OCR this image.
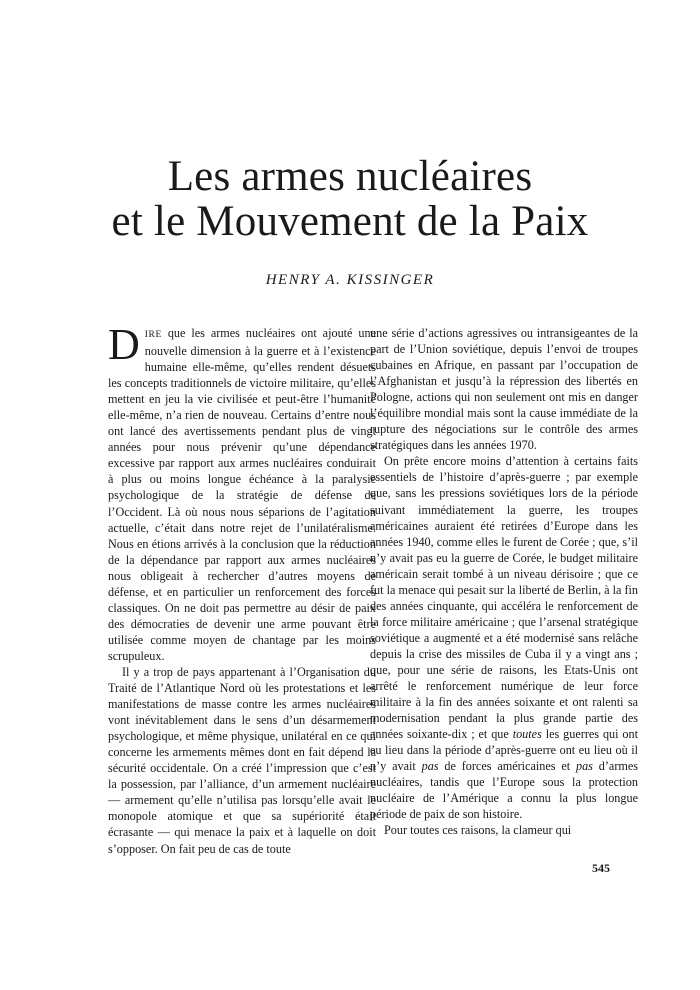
Les armes nucléaires
et le Mouvement de la Paix
HENRY A. KISSINGER

DIRE que les armes nucléaires ont ajouté une nouvelle dimension à la guerre et à l’existence humaine elle-même, qu’elles rendent désuets les concepts traditionnels de victoire militaire, qu’elles mettent en jeu la vie civilisée et peut-être l’humanité elle-même, n’a rien de nouveau. Certains d’entre nous ont lancé des avertissements pendant plus de vingt années pour nous prévenir qu’une dépendance excessive par rapport aux armes nucléaires conduirait à plus ou moins longue échéance à la paralysie psychologique de la stratégie de défense de l’Occident. Là où nous nous séparions de l’agitation actuelle, c’était dans notre rejet de l’unilatéralisme. Nous en étions arrivés à la conclusion que la réduction de la dépendance par rapport aux armes nucléaires nous obligeait à rechercher d’autres moyens de défense, et en particulier un renforcement des forces classiques. On ne doit pas permettre au désir de paix des démocraties de devenir une arme pouvant être utilisée comme moyen de chantage par les moins scrupuleux.

Il y a trop de pays appartenant à l’Organisation du Traité de l’Atlantique Nord où les protestations et les manifestations de masse contre les armes nucléaires vont inévitablement dans le sens d’un désarmement psychologique, et même physique, unilatéral en ce qui concerne les armements mêmes dont en fait dépend la sécurité occidentale. On a créé l’impression que c’est la possession, par l’alliance, d’un armement nucléaire — armement qu’elle n’utilisa pas lorsqu’elle avait le monopole atomique et que sa supériorité était écrasante — qui menace la paix et à laquelle on doit s’opposer. On fait peu de cas de toute

une série d’actions agressives ou intransigeantes de la part de l’Union soviétique, depuis l’envoi de troupes cubaines en Afrique, en passant par l’occupation de l’Afghanistan et jusqu’à la répression des libertés en Pologne, actions qui non seulement ont mis en danger l’équilibre mondial mais sont la cause immédiate de la rupture des négociations sur le contrôle des armes stratégiques dans les années 1970.

On prête encore moins d’attention à certains faits essentiels de l’histoire d’après-guerre ; par exemple que, sans les pressions soviétiques lors de la période suivant immédiatement la guerre, les troupes américaines auraient été retirées d’Europe dans les années 1940, comme elles le furent de Corée ; que, s’il n’y avait pas eu la guerre de Corée, le budget militaire américain serait tombé à un niveau dérisoire ; que ce fut la menace qui pesait sur la liberté de Berlin, à la fin des années cinquante, qui accéléra le renforcement de la force militaire américaine ; que l’arsenal stratégique soviétique a augmenté et a été modernisé sans relâche depuis la crise des missiles de Cuba il y a vingt ans ; que, pour une série de raisons, les Etats-Unis ont arrêté le renforcement numérique de leur force militaire à la fin des années soixante et ont ralenti sa modernisation pendant la plus grande partie des années soixante-dix ; et que toutes les guerres qui ont eu lieu dans la période d’après-guerre ont eu lieu où il n’y avait pas de forces américaines et pas d’armes nucléaires, tandis que l’Europe sous la protection nucléaire de l’Amérique a connu la plus longue période de paix de son histoire.

Pour toutes ces raisons, la clameur qui

545
